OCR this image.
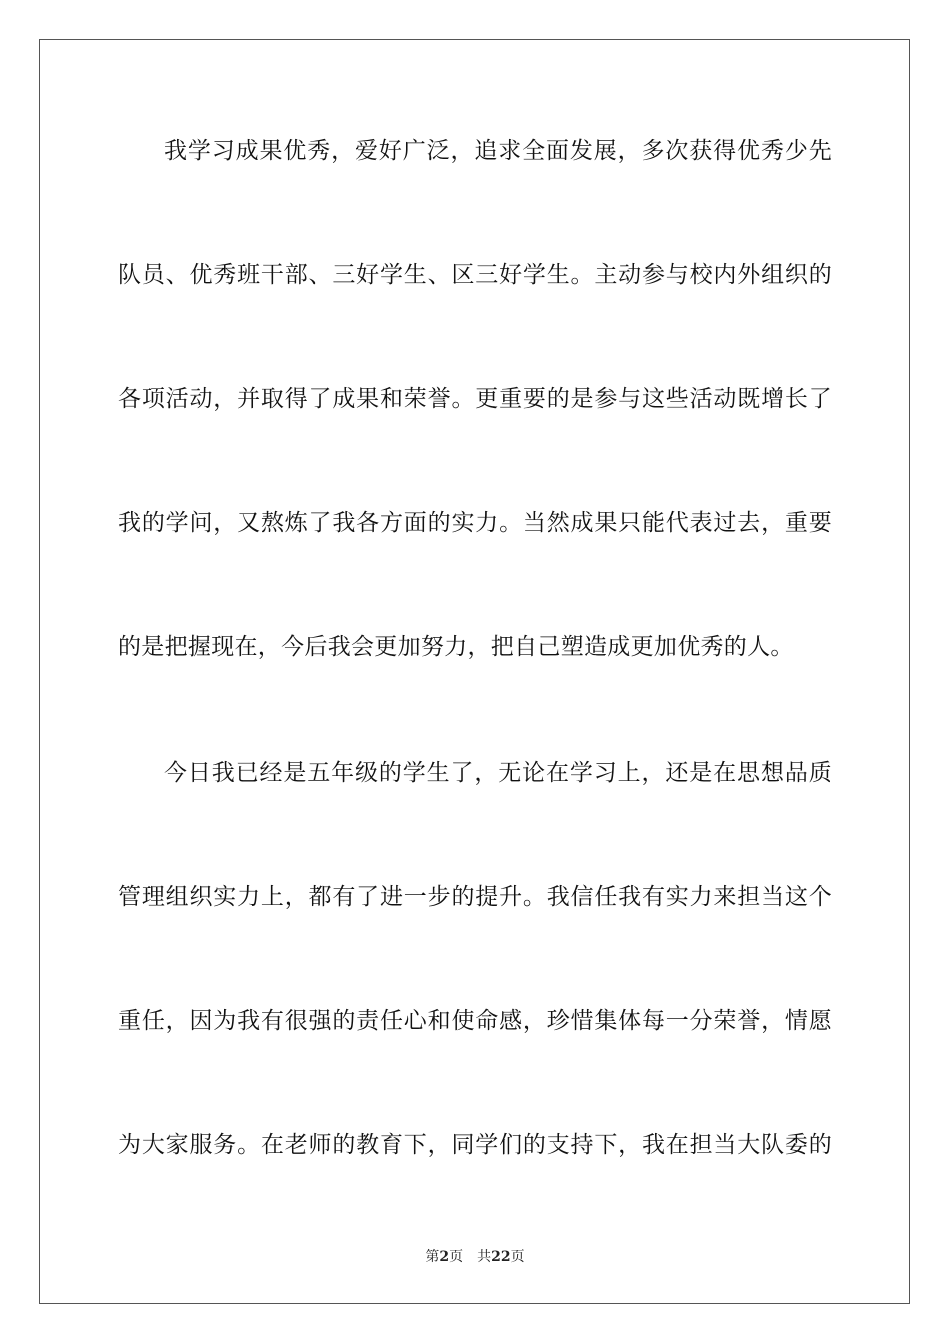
我学习成果优秀，爱好广泛，追求全面发展，多次获得优秀少先
队员、优秀班干部、三好学生、区三好学生。主动参与校内外组织的
各项活动，并取得了成果和荣誉。更重要的是参与这些活动既增长了
我的学问，又熬炼了我各方面的实力。当然成果只能代表过去，重要
的是把握现在，今后我会更加努力，把自己塑造成更加优秀的人。
今日我已经是五年级的学生了，无论在学习上，还是在思想品质
管理组织实力上，都有了进一步的提升。我信任我有实力来担当这个
重任，因为我有很强的责任心和使命感，珍惜集体每一分荣誉，情愿
为大家服务。在老师的教育下，同学们的支持下，我在担当大队委的
第2页 共22页
